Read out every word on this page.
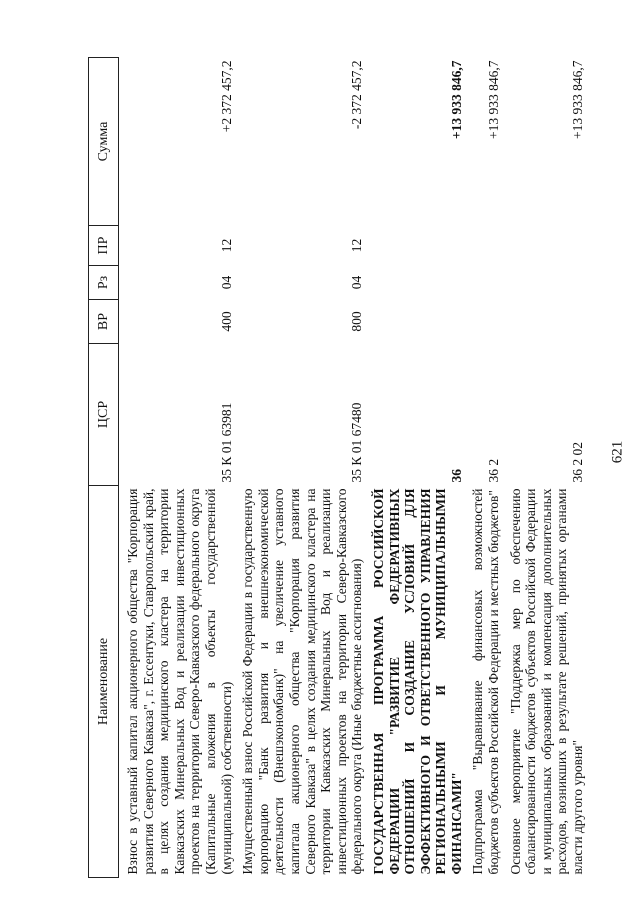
621
Наименование	ЦСР	ВР	Рз	ПР	Сумма

Взнос в уставный капитал акционерного общества "Корпорация развития Северного Кавказа", г. Ессентуки, Ставропольский край, в целях создания медицинского кластера на территории Кавказских Минеральных Вод и реализации инвестиционных проектов на территории Северо-Кавказского федерального округа (Капитальные вложения в объекты государственной (муниципальной) собственности)	35 К 01 63981	400	04	12	+2 372 457,2

Имущественный взнос Российской Федерации в государственную корпорацию "Банк развития и внешнеэкономической деятельности (Внешэкономбанк)" на увеличение уставного капитала акционерного общества "Корпорация развития Северного Кавказа" в целях создания медицинского кластера на территории Кавказских Минеральных Вод и реализации инвестиционных проектов на территории Северо-Кавказского федерального округа (Иные бюджетные ассигнования)	35 К 01 67480	800	04	12	-2 372 457,2

ГОСУДАРСТВЕННАЯ ПРОГРАММА РОССИЙСКОЙ ФЕДЕРАЦИИ "РАЗВИТИЕ ФЕДЕРАТИВНЫХ ОТНОШЕНИЙ И СОЗДАНИЕ УСЛОВИЙ ДЛЯ ЭФФЕКТИВНОГО И ОТВЕТСТВЕННОГО УПРАВЛЕНИЯ РЕГИОНАЛЬНЫМИ И МУНИЦИПАЛЬНЫМИ ФИНАНСАМИ"	36				+13 933 846,7

Подпрограмма "Выравнивание финансовых возможностей бюджетов субъектов Российской Федерации и местных бюджетов"	36 2				+13 933 846,7

Основное мероприятие "Поддержка мер по обеспечению сбалансированности бюджетов субъектов Российской Федерации и муниципальных образований и компенсация дополнительных расходов, возникших в результате решений, принятых органами власти другого уровня"	36 2 02				+13 933 846,7
